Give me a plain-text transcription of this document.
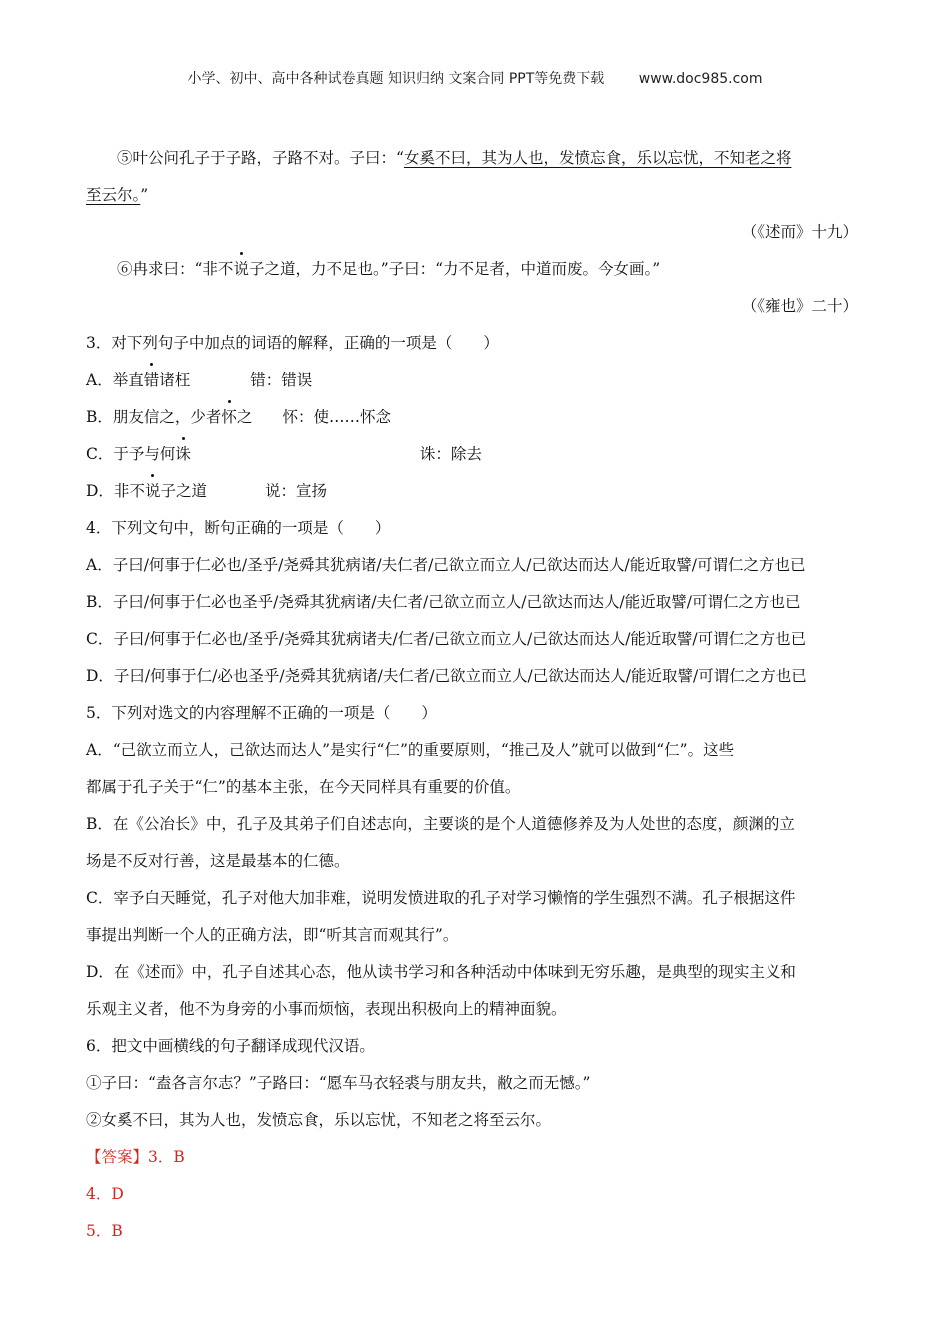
小学、初中、高中各种试卷真题 知识归纳 文案合同 PPT等免费下载 www.doc985.com

⑤叶公问孔子于子路，子路不对。子曰：“女奚不曰，其为人也，发愤忘食，乐以忘忧，不知老之将

至云尔。”

（《述而》十九）

⑥冉求曰：“非不说子之道，力不足也。”子曰：“力不足者，中道而废。今女画。”

（《雍也》二十）

3．对下列句子中加点的词语的解释，正确的一项是（　　）

A．举直错诸枉	错：错误

B．朋友信之，少者怀之 怀：使……怀念

C．于予与何诛	诛：除去

D．非不说子之道	说：宣扬

4．下列文句中，断句正确的一项是（　　）

A．子曰/何事于仁必也/圣乎/尧舜其犹病诸/夫仁者/己欲立而立人/己欲达而达人/能近取譬/可谓仁之方也已

B．子曰/何事于仁必也圣乎/尧舜其犹病诸/夫仁者/己欲立而立人/己欲达而达人/能近取譬/可谓仁之方也已

C．子曰/何事于仁必也/圣乎/尧舜其犹病诸夫/仁者/己欲立而立人/己欲达而达人/能近取譬/可谓仁之方也已

D．子曰/何事于仁/必也圣乎/尧舜其犹病诸/夫仁者/己欲立而立人/己欲达而达人/能近取譬/可谓仁之方也已

5．下列对选文的内容理解不正确的一项是（　　）

A．“己欲立而立人，己欲达而达人”是实行“仁”的重要原则，“推己及人”就可以做到“仁”。这些

都属于孔子关于“仁”的基本主张，在今天同样具有重要的价值。

B．在《公冶长》中，孔子及其弟子们自述志向，主要谈的是个人道德修养及为人处世的态度，颜渊的立

场是不反对行善，这是最基本的仁德。

C．宰予白天睡觉，孔子对他大加非难，说明发愤进取的孔子对学习懒惰的学生强烈不满。孔子根据这件

事提出判断一个人的正确方法，即“听其言而观其行”。

D．在《述而》中，孔子自述其心态，他从读书学习和各种活动中体味到无穷乐趣，是典型的现实主义和

乐观主义者，他不为身旁的小事而烦恼，表现出积极向上的精神面貌。

6．把文中画横线的句子翻译成现代汉语。

①子曰：“盍各言尔志？”子路曰：“愿车马衣轻裘与朋友共，敝之而无憾。”

②女奚不曰，其为人也，发愤忘食，乐以忘忧，不知老之将至云尔。

【答案】3．B

4．D

5．B
